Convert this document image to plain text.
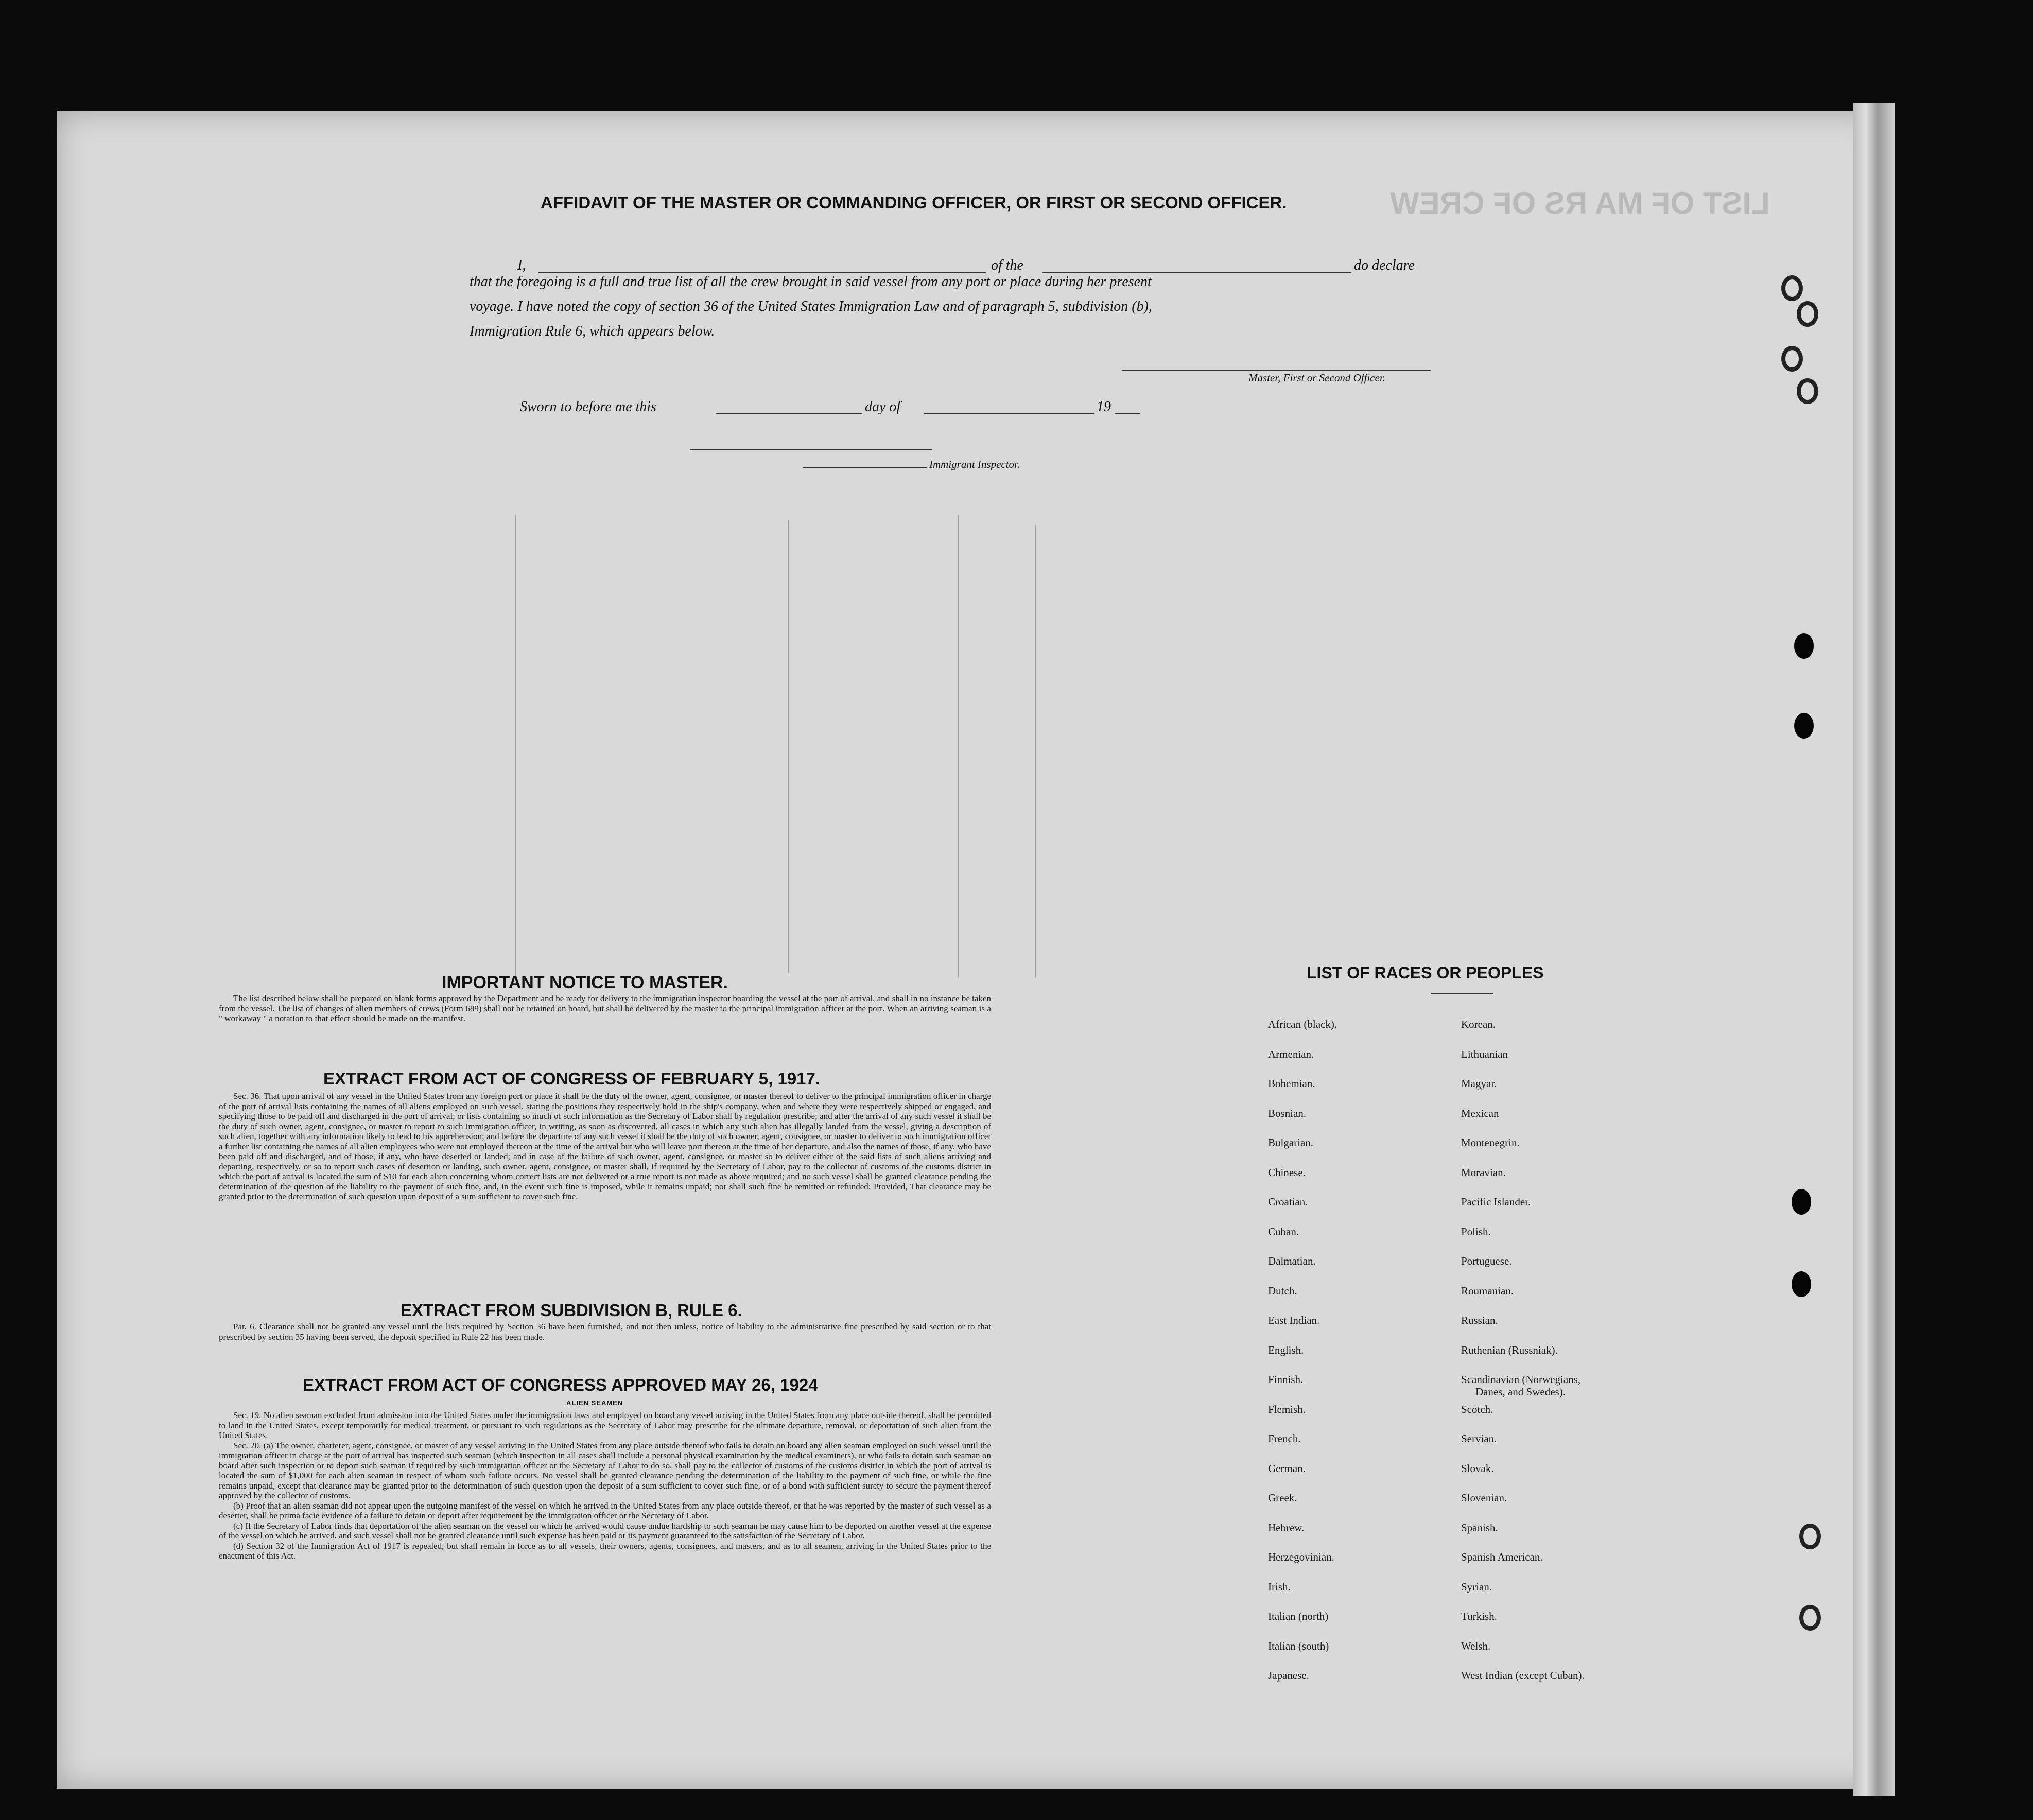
LIST OF MA RS OF CREW
AFFIDAVIT OF THE MASTER OR COMMANDING OFFICER, OR FIRST OR SECOND OFFICER.
I,	of the	do declare
that the foregoing is a full and true list of all the crew brought in said vessel from any port or place during her present
voyage. I have noted the copy of section 36 of the United States Immigration Law and of paragraph 5, subdivision (b),
Immigration Rule 6, which appears below.
Master, First or Second Officer.
Sworn to before me this	day of	19
Immigrant Inspector.
IMPORTANT NOTICE TO MASTER.

The list described below shall be prepared on blank forms approved by the Department and be ready for delivery to the immigration inspector boarding the vessel at the port of arrival, and shall in no instance be taken from the vessel. The list of changes of alien members of crews (Form 689) shall not be retained on board, but shall be delivered by the master to the principal immigration officer at the port. When an arriving seaman is a " workaway " a notation to that effect should be made on the manifest.

EXTRACT FROM ACT OF CONGRESS OF FEBRUARY 5, 1917.

Sec. 36. That upon arrival of any vessel in the United States from any foreign port or place it shall be the duty of the owner, agent, consignee, or master thereof to deliver to the principal immigration officer in charge of the port of arrival lists containing the names of all aliens employed on such vessel, stating the positions they respectively hold in the ship's company, when and where they were respectively shipped or engaged, and specifying those to be paid off and discharged in the port of arrival; or lists containing so much of such information as the Secretary of Labor shall by regulation prescribe; and after the arrival of any such vessel it shall be the duty of such owner, agent, consignee, or master to report to such immigration officer, in writing, as soon as discovered, all cases in which any such alien has illegally landed from the vessel, giving a description of such alien, together with any information likely to lead to his apprehension; and before the departure of any such vessel it shall be the duty of such owner, agent, consignee, or master to deliver to such immigration officer a further list containing the names of all alien employees who were not employed thereon at the time of the arrival but who will leave port thereon at the time of her departure, and also the names of those, if any, who have been paid off and discharged, and of those, if any, who have deserted or landed; and in case of the failure of such owner, agent, consignee, or master so to deliver either of the said lists of such aliens arriving and departing, respectively, or so to report such cases of desertion or landing, such owner, agent, consignee, or master shall, if required by the Secretary of Labor, pay to the collector of customs of the customs district in which the port of arrival is located the sum of $10 for each alien concerning whom correct lists are not delivered or a true report is not made as above required; and no such vessel shall be granted clearance pending the determination of the question of the liability to the payment of such fine, and, in the event such fine is imposed, while it remains unpaid; nor shall such fine be remitted or refunded: Provided, That clearance may be granted prior to the determination of such question upon deposit of a sum sufficient to cover such fine.

EXTRACT FROM SUBDIVISION B, RULE 6.

Par. 6. Clearance shall not be granted any vessel until the lists required by Section 36 have been furnished, and not then unless, notice of liability to the administrative fine prescribed by said section or to that prescribed by section 35 having been served, the deposit specified in Rule 22 has been made.

EXTRACT FROM ACT OF CONGRESS APPROVED MAY 26, 1924
ALIEN SEAMEN

Sec. 19. No alien seaman excluded from admission into the United States under the immigration laws and employed on board any vessel arriving in the United States from any place outside thereof, shall be permitted to land in the United States, except temporarily for medical treatment, or pursuant to such regulations as the Secretary of Labor may prescribe for the ultimate departure, removal, or deportation of such alien from the United States.

Sec. 20. (a) The owner, charterer, agent, consignee, or master of any vessel arriving in the United States from any place outside thereof who fails to detain on board any alien seaman employed on such vessel until the immigration officer in charge at the port of arrival has inspected such seaman (which inspection in all cases shall include a personal physical examination by the medical examiners), or who fails to detain such seaman on board after such inspection or to deport such seaman if required by such immigration officer or the Secretary of Labor to do so, shall pay to the collector of customs of the customs district in which the port of arrival is located the sum of $1,000 for each alien seaman in respect of whom such failure occurs. No vessel shall be granted clearance pending the determination of the liability to the payment of such fine, or while the fine remains unpaid, except that clearance may be granted prior to the determination of such question upon the deposit of a sum sufficient to cover such fine, or of a bond with sufficient surety to secure the payment thereof approved by the collector of customs.

(b) Proof that an alien seaman did not appear upon the outgoing manifest of the vessel on which he arrived in the United States from any place outside thereof, or that he was reported by the master of such vessel as a deserter, shall be prima facie evidence of a failure to detain or deport after requirement by the immigration officer or the Secretary of Labor.

(c) If the Secretary of Labor finds that deportation of the alien seaman on the vessel on which he arrived would cause undue hardship to such seaman he may cause him to be deported on another vessel at the expense of the vessel on which he arrived, and such vessel shall not be granted clearance until such expense has been paid or its payment guaranteed to the satisfaction of the Secretary of Labor.

(d) Section 32 of the Immigration Act of 1917 is repealed, but shall remain in force as to all vessels, their owners, agents, consignees, and masters, and as to all seamen, arriving in the United States prior to the enactment of this Act.

LIST OF RACES OR PEOPLES
African (black).
Armenian.
Bohemian.
Bosnian.
Bulgarian.
Chinese.
Croatian.
Cuban.
Dalmatian.
Dutch.
East Indian.
English.
Finnish.
Flemish.
French.
German.
Greek.
Hebrew.
Herzegovinian.
Irish.
Italian (north)
Italian (south)
Japanese.
Korean.
Lithuanian
Magyar.
Mexican
Montenegrin.
Moravian.
Pacific Islander.
Polish.
Portuguese.
Roumanian.
Russian.
Ruthenian (Russniak).
Scandinavian (Norwegians,
Danes, and Swedes).
Scotch.
Servian.
Slovak.
Slovenian.
Spanish.
Spanish American.
Syrian.
Turkish.
Welsh.
West Indian (except Cuban).
